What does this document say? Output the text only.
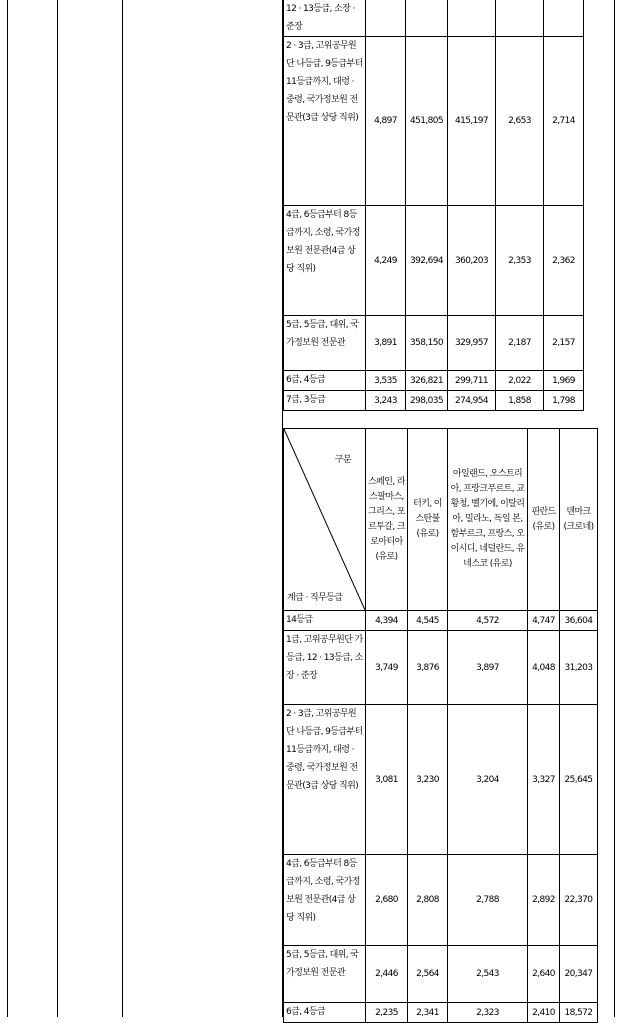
12 · 13등급, 소장 · 준장					
2 · 3급, 고위공무원단 나등급, 9등급부터 11등급까지, 대령 · 중령, 국가정보원 전문관(3급 상당 직위)	4,897	451,805	415,197	2,653	2,714
4급, 6등급부터 8등급까지, 소령, 국가정보원 전문관(4급 상당 직위)	4,249	392,694	360,203	2,353	2,362
5급, 5등급, 대위, 국가정보원 전문관	3,891	358,150	329,957	2,187	2,157
6급, 4등급	3,535	326,821	299,711	2,022	1,969
7급, 3등급	3,243	298,035	274,954	1,858	1,798
구분
계급 · 직무등급	스페인, 라스팔마스, 그리스, 포르투갈, 크로아티아 (유로)	터키, 이스탄불 (유로)	아일랜드, 오스트리아, 프랑크푸르트, 교황청, 벨기에, 이탈리아, 밀라노, 독일 본, 함부르크, 프랑스, 오이시디, 네덜란드, 유네스코 (유로)	핀란드 (유로)	덴마크 (크로네)
14등급	4,394	4,545	4,572	4,747	36,604
1급, 고위공무원단 가등급, 12 · 13등급, 소장 · 준장	3,749	3,876	3,897	4,048	31,203
2 · 3급, 고위공무원단 나등급, 9등급부터 11등급까지, 대령 · 중령, 국가정보원 전문관(3급 상당 직위)	3,081	3,230	3,204	3,327	25,645
4급, 6등급부터 8등급까지, 소령, 국가정보원 전문관(4급 상당 직위)	2,680	2,808	2,788	2,892	22,370
5급, 5등급, 대위, 국가정보원 전문관	2,446	2,564	2,543	2,640	20,347
6급, 4등급	2,235	2,341	2,323	2,410	18,572
